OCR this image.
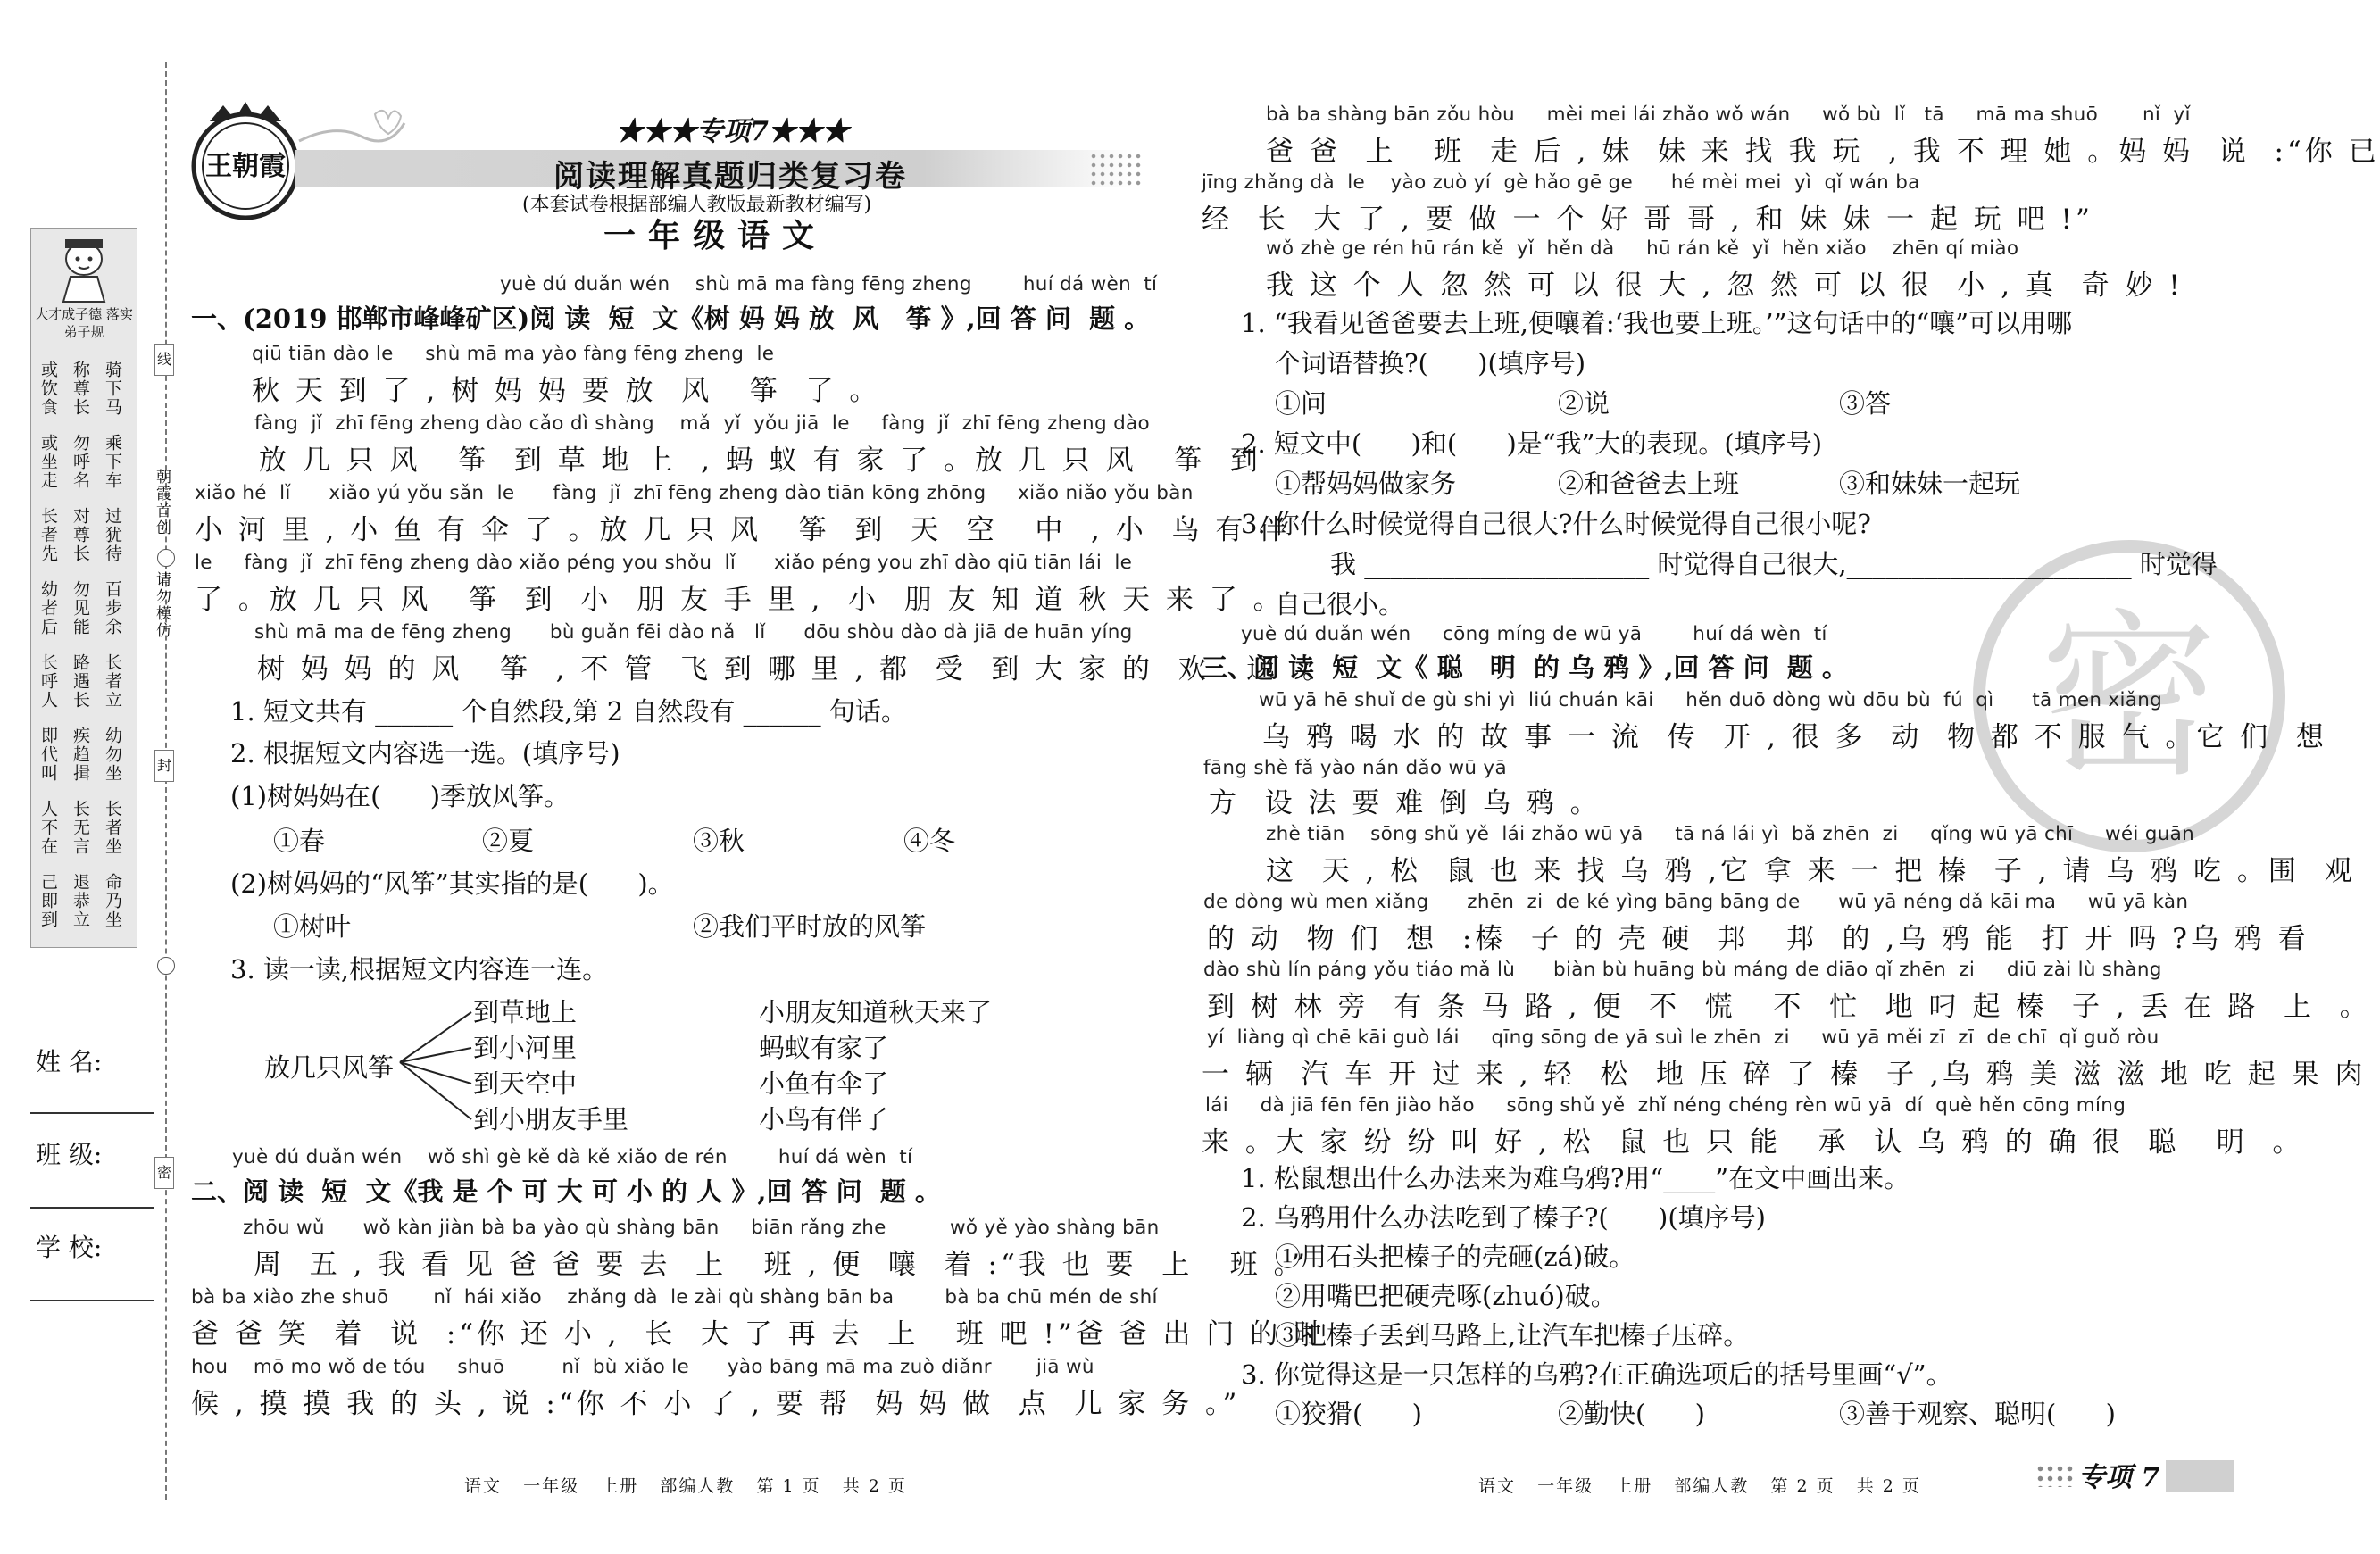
线
朝霞首创
请勿模仿
封
密
大才成子德 落实弟子规
骑下马
称尊长
或饮食
乘下车
勿呼名
或坐走
过犹待
对尊长
长者先
百步余
勿见能
幼者后
长者立
路遇长
长呼人
幼勿坐
疾趋揖
即代叫
长者坐
长无言
人不在
命乃坐
退恭立
己即到
姓 名:
班 级:
学 校:
王朝霞
★★★专项7★★★
阅读理解真题归类复习卷
(本套试卷根据部编人教版最新教材编写)
一年级语文
yuè dú duǎn wén    shù mā ma fàng fēng zheng        huí dá wèn  tí
一、(2019 邯郸市峰峰矿区)阅 读  短  文《树 妈 妈 放  风   筝 》,回 答 问  题 。
qiū tiān dào le     shù mā ma yào fàng fēng zheng  le
秋 天 到 了 , 树 妈 妈 要 放  风   筝  了 。
fàng  jǐ  zhī fēng zheng dào cǎo dì shàng    mǎ  yǐ  yǒu jiā  le     fàng  jǐ  zhī fēng zheng dào
放 几 只 风   筝  到 草 地 上  , 蚂 蚁 有 家 了 。放 几 只 风   筝  到
xiǎo hé  lǐ      xiǎo yú yǒu sǎn  le      fàng  jǐ  zhī fēng zheng dào tiān kōng zhōng     xiǎo niǎo yǒu bàn
小 河 里 , 小 鱼 有 伞 了 。放 几 只 风   筝  到  天  空   中  , 小  鸟 有 伴
le     fàng  jǐ  zhī fēng zheng dào xiǎo péng you shǒu  lǐ      xiǎo péng you zhī dào qiū tiān lái  le
了 。放 几 只 风   筝  到  小  朋 友 手 里 ,  小  朋 友 知 道 秋 天 来 了 。
shù mā ma de fēng zheng      bù guǎn fēi dào nǎ   lǐ      dōu shòu dào dà jiā de huān yíng
树 妈 妈 的 风   筝  , 不 管  飞 到 哪 里 , 都  受  到 大 家 的  欢   迎  。
1. 短文共有 ______ 个自然段,第 2 自然段有 ______ 句话。
2. 根据短文内容选一选。(填序号)
(1)树妈妈在(      )季放风筝。
①春	②夏	③秋	④冬
(2)树妈妈的“风筝”其实指的是(      )。
①树叶	②我们平时放的风筝
3. 读一读,根据短文内容连一连。
放几只风筝
到草地上
到小河里
到天空中
到小朋友手里
小朋友知道秋天来了
蚂蚁有家了
小鱼有伞了
小鸟有伴了
yuè dú duǎn wén    wǒ shì gè kě dà kě xiǎo de rén        huí dá wèn  tí
二、阅 读  短  文《我 是 个 可 大 可 小 的 人 》,回 答 问  题 。
zhōu wǔ      wǒ kàn jiàn bà ba yào qù shàng bān     biān rǎng zhe          wǒ yě yào shàng bān
周  五 , 我 看 见 爸 爸 要 去  上   班 , 便  嚷  着 :“我 也 要  上   班 。”
bà ba xiào zhe shuō       nǐ  hái xiǎo    zhǎng dà  le zài qù shàng bān ba        bà ba chū mén de shí
爸 爸 笑  着  说  :“你 还 小 ,  长  大 了 再 去  上   班 吧 !”爸 爸 出 门 的 时
hou    mō mo wǒ de tóu     shuō         nǐ  bù xiǎo le      yào bāng mā ma zuò diǎnr       jiā wù
候 , 摸 摸 我 的 头 , 说 :“你 不 小 了 , 要 帮  妈 妈 做  点  儿 家 务 。”
语文   一年级   上册   部编人教   第 1 页   共 2 页
密
bà ba shàng bān zǒu hòu     mèi mei lái zhǎo wǒ wán     wǒ bù  lǐ   tā     mā ma shuō       nǐ  yǐ
爸 爸  上   班  走 后 , 妹  妹 来 找 我 玩  , 我 不 理 她 。妈 妈  说  :“你 已
jīng zhǎng dà  le    yào zuò yí  gè hǎo gē ge      hé mèi mei  yì  qǐ wán ba
经  长  大 了 , 要 做 一 个 好 哥 哥 , 和 妹 妹 一 起 玩 吧 !”
wǒ zhè ge rén hū rán kě  yǐ  hěn dà     hū rán kě  yǐ  hěn xiǎo    zhēn qí miào
我 这 个 人 忽 然 可 以 很 大 , 忽 然 可 以 很  小 , 真  奇 妙 !
1. “我看见爸爸要去上班,便嚷着:‘我也要上班。’”这句话中的“嚷”可以用哪
个词语替换?(      )(填序号)
①问	②说	③答
2. 短文中(      )和(      )是“我”大的表现。(填序号)
①帮妈妈做家务	②和爸爸去上班	③和妹妹一起玩
3. 你什么时候觉得自己很大?什么时候觉得自己很小呢?
我 ______________________ 时觉得自己很大,______________________ 时觉得
自己很小。
yuè dú duǎn wén     cōng míng de wū yā        huí dá wèn  tí
三、阅 读  短  文《 聪   明  的 乌 鸦 》,回 答 问  题 。
wū yā hē shuǐ de gù shi yì  liú chuán kāi     hěn duō dòng wù dōu bù  fú  qì      tā men xiǎng
乌 鸦 喝 水 的 故 事 一 流  传  开 , 很 多  动  物 都 不 服 气 。它 们  想
fāng shè fǎ yào nán dǎo wū yā
方  设 法 要 难 倒 乌 鸦 。
zhè tiān    sōng shǔ yě  lái zhǎo wū yā     tā ná lái yì  bǎ zhēn  zi     qǐng wū yā chī     wéi guān
这  天 , 松  鼠 也 来 找 乌 鸦 ,它 拿 来 一 把 榛  子 , 请 乌 鸦 吃 。围  观
de dòng wù men xiǎng      zhēn  zi  de ké yìng bāng bāng de      wū yā néng dǎ kāi ma     wū yā kàn
的 动  物 们  想  :榛  子 的 壳 硬  邦   邦  的 ,乌 鸦 能  打 开 吗 ?乌 鸦 看
dào shù lín páng yǒu tiáo mǎ lù      biàn bù huāng bù máng de diāo qǐ zhēn  zi     diū zài lù shàng
到 树 林 旁  有 条 马 路 , 便  不  慌   不  忙  地 叼 起 榛  子 , 丢 在 路  上  。
yí  liàng qì chē kāi guò lái     qīng sōng de yā suì le zhēn  zi     wū yā měi zī  zī  de chī  qǐ guǒ ròu
一 辆  汽 车 开 过 来 , 轻  松  地 压 碎 了 榛  子 ,乌 鸦 美 滋 滋 地 吃 起 果 肉
lái     dà jiā fēn fēn jiào hǎo     sōng shǔ yě  zhǐ néng chéng rèn wū yā  dí  què hěn cōng míng
来 。大 家 纷 纷 叫 好 , 松  鼠 也 只 能   承  认 乌 鸦 的 确 很  聪   明  。
1. 松鼠想出什么办法来为难乌鸦?用“____”在文中画出来。
2. 乌鸦用什么办法吃到了榛子?(      )(填序号)
①用石头把榛子的壳砸(zá)破。
②用嘴巴把硬壳啄(zhuó)破。
③把榛子丢到马路上,让汽车把榛子压碎。
3. 你觉得这是一只怎样的乌鸦?在正确选项后的括号里画“√”。
①狡猾(      )	②勤快(      )	③善于观察、聪明(      )
语文   一年级   上册   部编人教   第 2 页   共 2 页	专项 7
